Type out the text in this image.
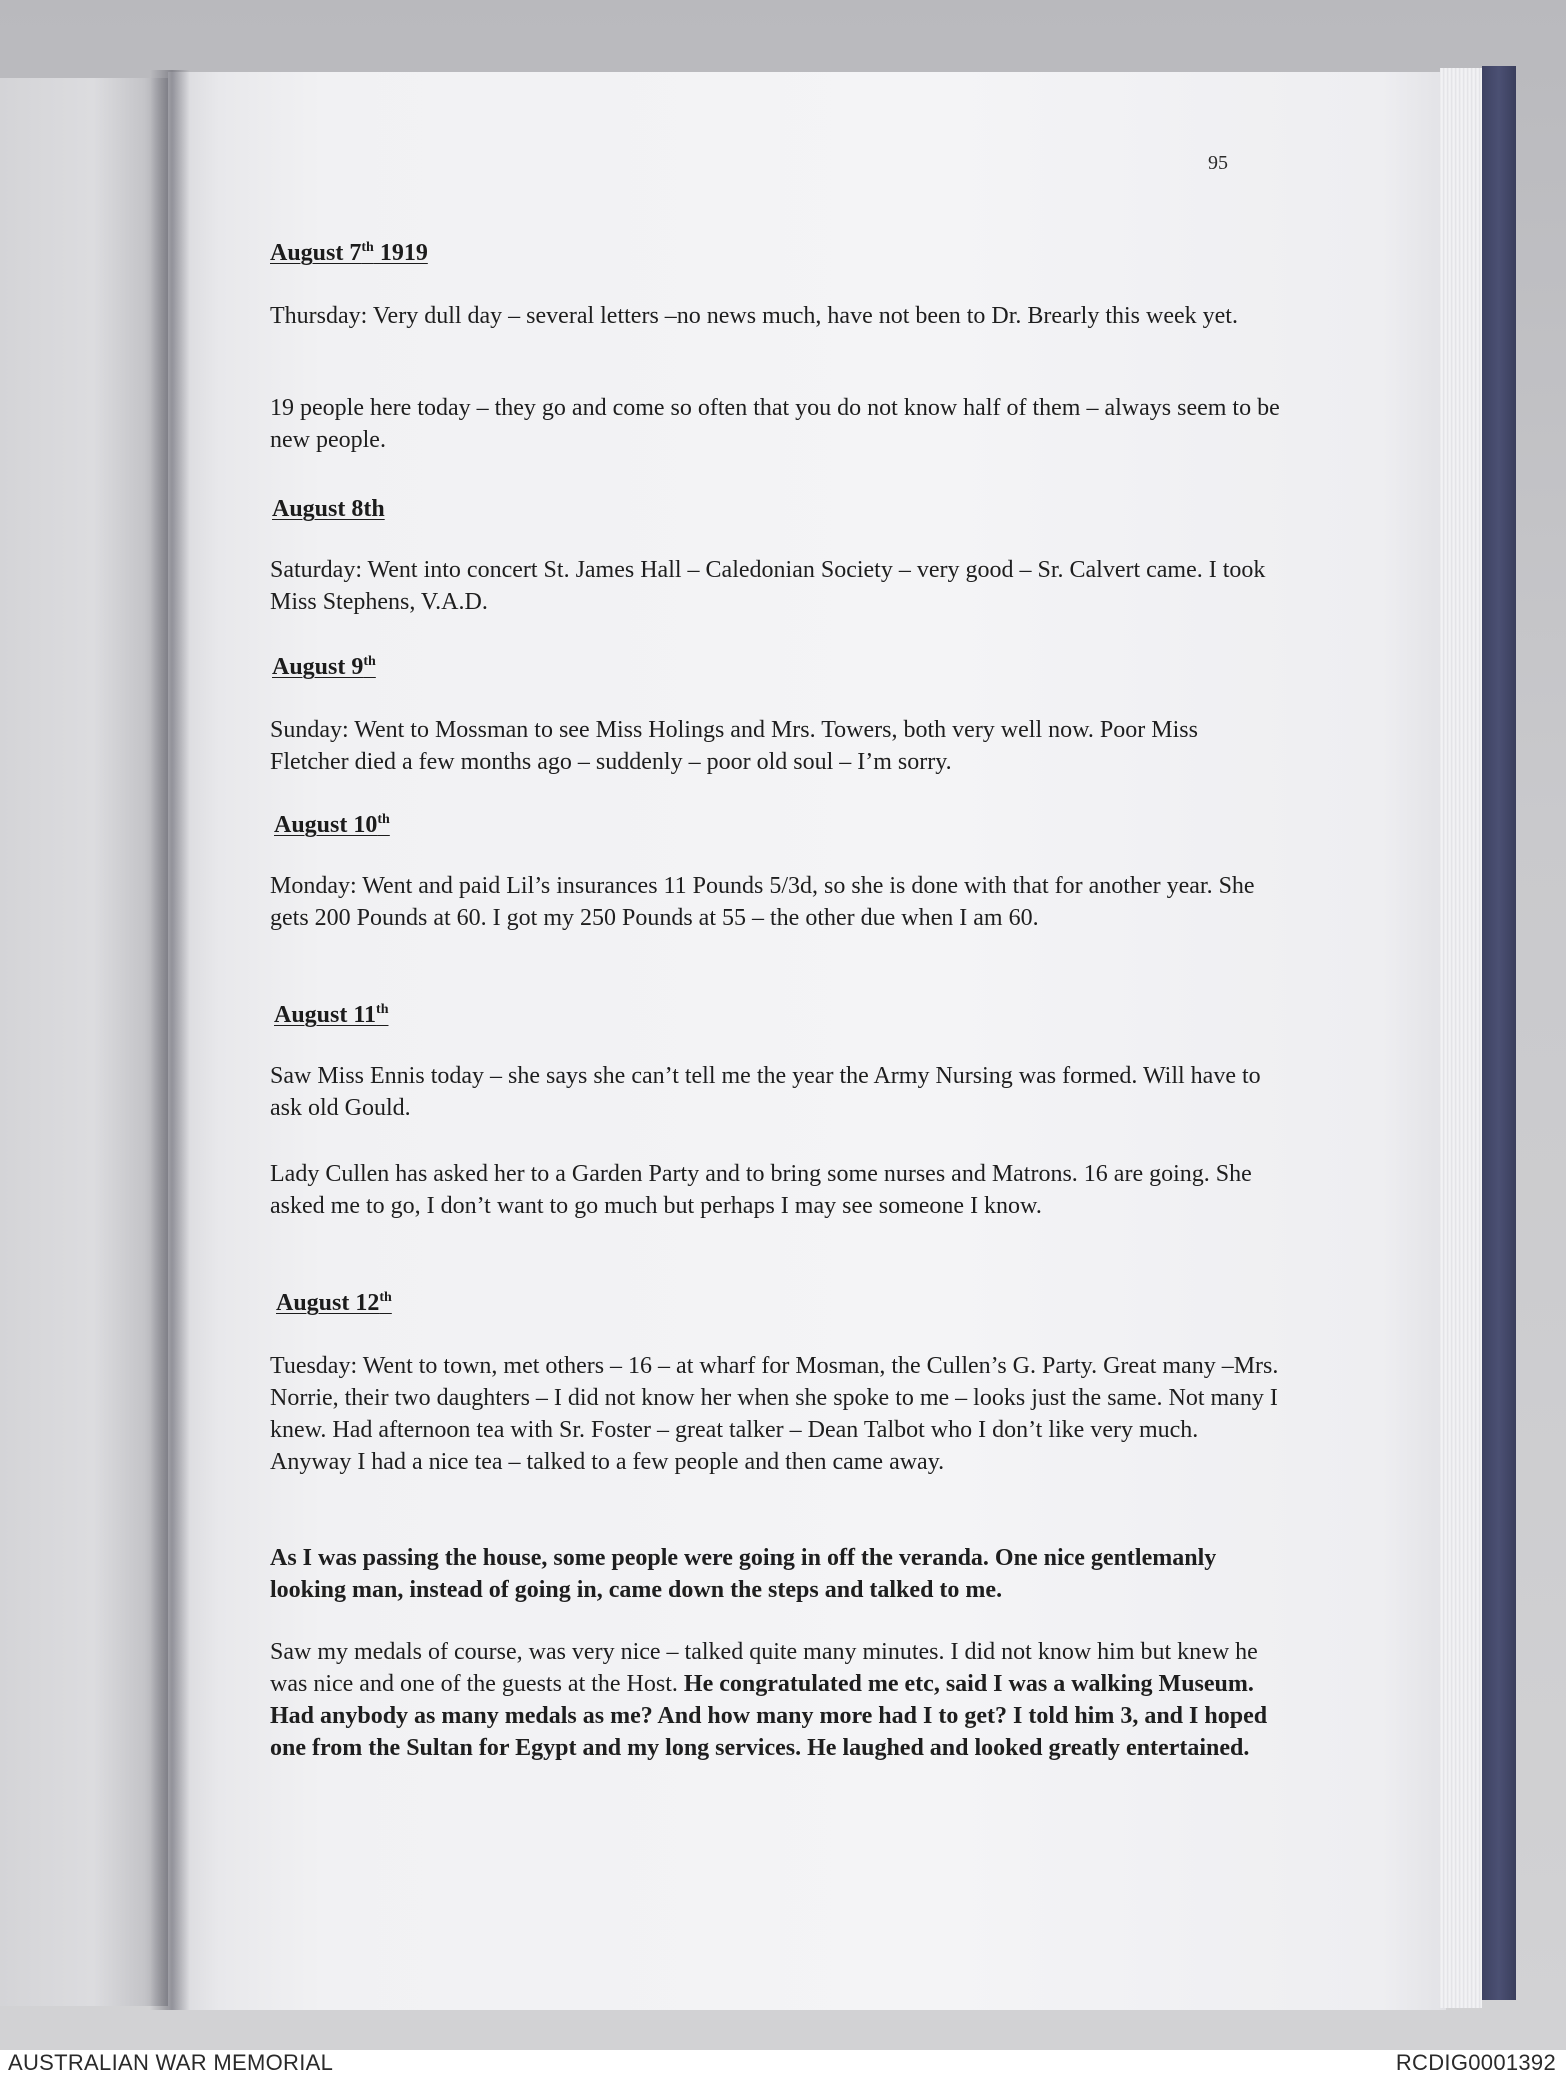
95
August 7th 1919
Thursday: Very dull day – several letters –no news much, have not been to Dr. Brearly this week yet.
19 people here today – they go and come so often that you do not know half of them – always seem to be new people.
August 8th
Saturday: Went into concert St. James Hall – Caledonian Society – very good – Sr. Calvert came. I took Miss Stephens, V.A.D.
August 9th
Sunday: Went to Mossman to see Miss Holings and Mrs. Towers, both very well now. Poor Miss Fletcher died a few months ago – suddenly – poor old soul – I’m sorry.
August 10th
Monday: Went and paid Lil’s insurances 11 Pounds 5/3d, so she is done with that for another year. She gets 200 Pounds at 60. I got my 250 Pounds at 55 – the other due when I am 60.
August 11th
Saw Miss Ennis today – she says she can’t tell me the year the Army Nursing was formed. Will have to ask old Gould.
Lady Cullen has asked her to a Garden Party and to bring some nurses and Matrons. 16 are going. She asked me to go, I don’t want to go much but perhaps I may see someone I know.
August 12th
Tuesday: Went to town, met others – 16 – at wharf for Mosman, the Cullen’s G. Party. Great many –Mrs. Norrie, their two daughters – I did not know her when she spoke to me – looks just the same. Not many I knew. Had afternoon tea with Sr. Foster – great talker – Dean Talbot who I don’t like very much. Anyway I had a nice tea – talked to a few people and then came away.
As I was passing the house, some people were going in off the veranda. One nice gentlemanly looking man, instead of going in, came down the steps and talked to me.
Saw my medals of course, was very nice – talked quite many minutes. I did not know him but knew he was nice and one of the guests at the Host. He congratulated me etc, said I was a walking Museum. Had anybody as many medals as me? And how many more had I to get? I told him 3, and I hoped one from the Sultan for Egypt and my long services. He laughed and looked greatly entertained.
AUSTRALIAN WAR MEMORIAL	RCDIG0001392
